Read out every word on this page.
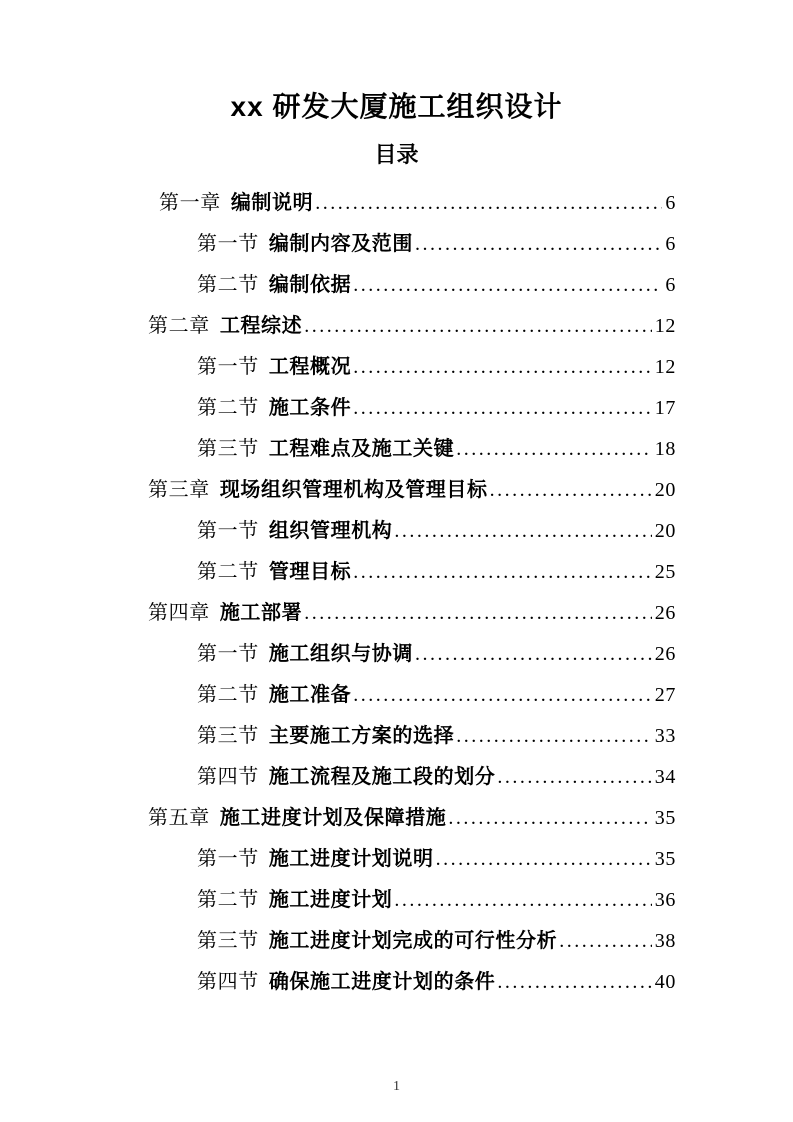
xx 研发大厦施工组织设计
目录
第一章 编制说明 .....	6
第一节 编制内容及范围 .....	6
第二节 编制依据 .....	6
第二章 工程综述 .....	12
第一节 工程概况 .....	12
第二节 施工条件 .....	17
第三节 工程难点及施工关键 .....	18
第三章 现场组织管理机构及管理目标 .....	20
第一节 组织管理机构 .....	20
第二节 管理目标 .....	25
第四章 施工部署 .....	26
第一节 施工组织与协调 .....	26
第二节 施工准备 .....	27
第三节 主要施工方案的选择 .....	33
第四节 施工流程及施工段的划分 .....	34
第五章 施工进度计划及保障措施 .....	35
第一节 施工进度计划说明 .....	35
第二节 施工进度计划 .....	36
第三节 施工进度计划完成的可行性分析 .....	38
第四节 确保施工进度计划的条件 .....	40
1
